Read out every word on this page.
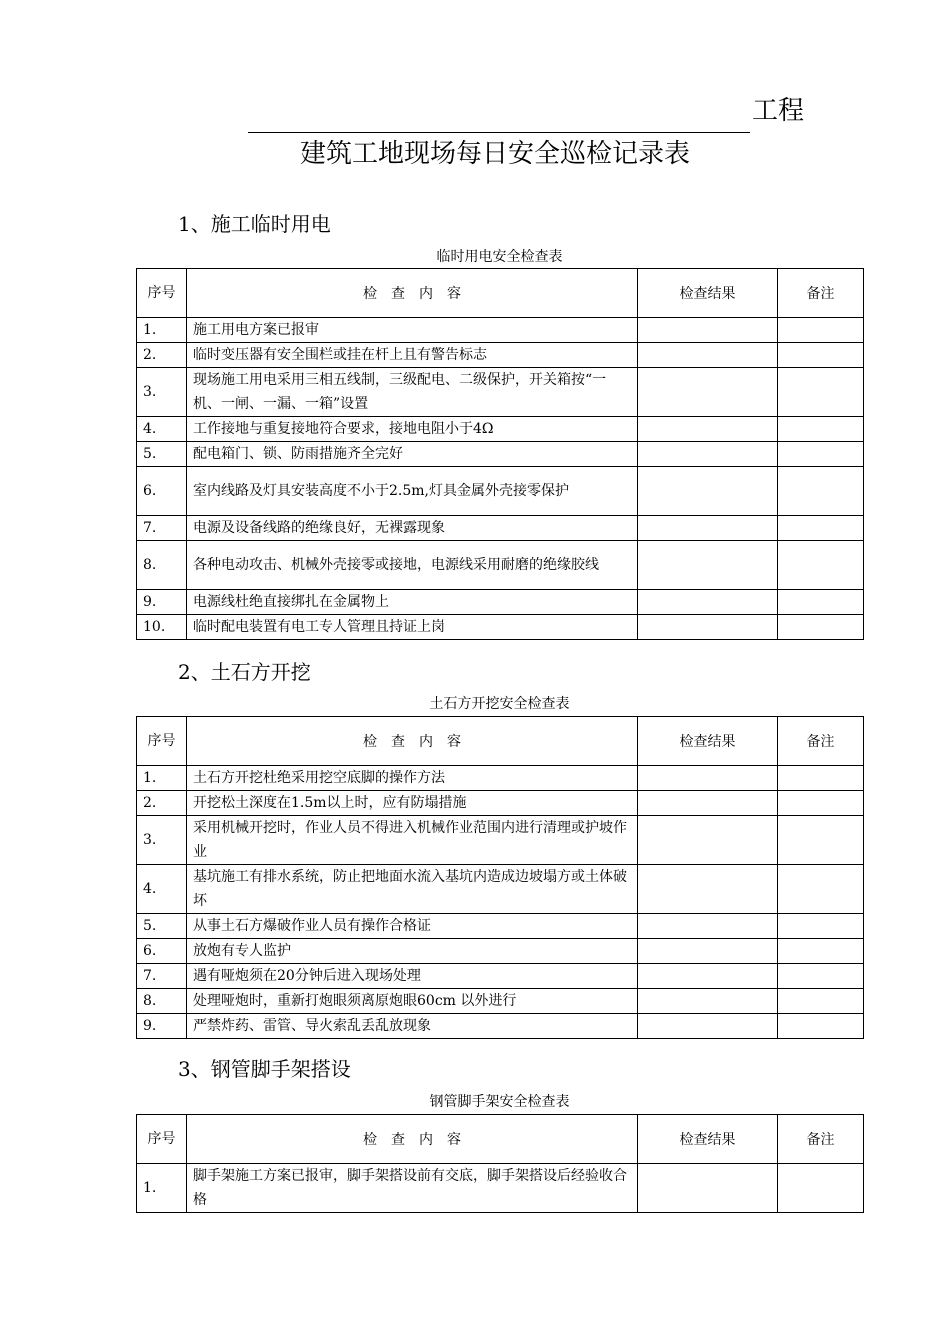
工程
建筑工地现场每日安全巡检记录表
1、施工临时用电
临时用电安全检查表
序号	检　查　内　容	检查结果	备注
1.	施工用电方案已报审		
2.	临时变压器有安全围栏或挂在杆上且有警告标志		
3.	现场施工用电采用三相五线制，三级配电、二级保护，开关箱按“一机、一闸、一漏、一箱”设置		
4.	工作接地与重复接地符合要求，接地电阻小于4Ω		
5.	配电箱门、锁、防雨措施齐全完好		
6.	室内线路及灯具安装高度不小于2.5m,灯具金属外壳接零保护		
7.	电源及设备线路的绝缘良好，无裸露现象		
8.	各种电动攻击、机械外壳接零或接地，电源线采用耐磨的绝缘胶线		
9.	电源线杜绝直接绑扎在金属物上		
10.	临时配电装置有电工专人管理且持证上岗		
2、土石方开挖
土石方开挖安全检查表
序号	检　查　内　容	检查结果	备注
1.	土石方开挖杜绝采用挖空底脚的操作方法		
2.	开挖松土深度在1.5m以上时，应有防塌措施		
3.	采用机械开挖时，作业人员不得进入机械作业范围内进行清理或护坡作业		
4.	基坑施工有排水系统，防止把地面水流入基坑内造成边坡塌方或土体破坏		
5.	从事土石方爆破作业人员有操作合格证		
6.	放炮有专人监护		
7.	遇有哑炮须在20分钟后进入现场处理		
8.	处理哑炮时，重新打炮眼须离原炮眼60cm 以外进行		
9.	严禁炸药、雷管、导火索乱丢乱放现象		
3、钢管脚手架搭设
钢管脚手架安全检查表
序号	检　查　内　容	检查结果	备注
1.	脚手架施工方案已报审，脚手架搭设前有交底，脚手架搭设后经验收合格		
